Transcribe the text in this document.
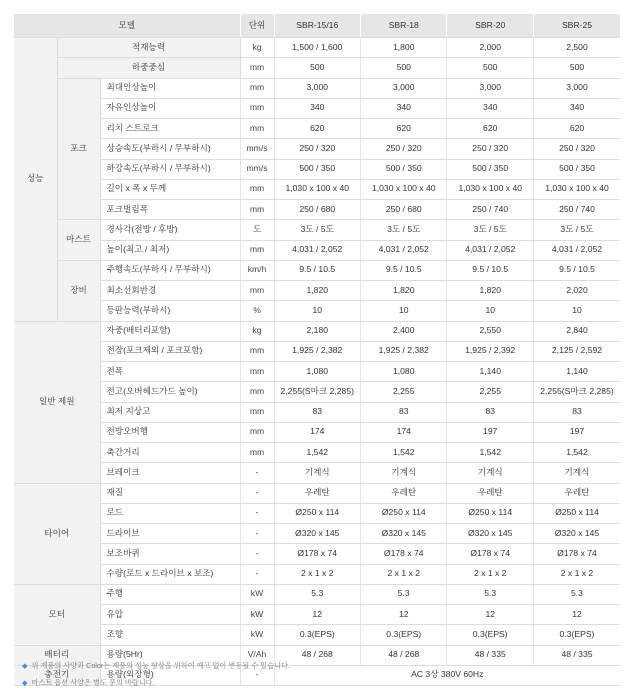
모델			단위	SBR-15/16	SBR-18	SBR-20	SBR-25
성능	적재능력		kg	1,500 / 1,600	1,800	2,000	2,500
	하중중심		mm	500	500	500	500
	포크	최대인상높이	mm	3,000	3,000	3,000	3,000
		자유인상높이	mm	340	340	340	340
		리치 스트로크	mm	620	620	620	620
		상승속도(부하시 / 무부하시)	mm/s	250 / 320	250 / 320	250 / 320	250 / 320
		하강속도(부하시 / 무부하시)	mm/s	500 / 350	500 / 350	500 / 350	500 / 350
		길이 x 폭 x 두께	mm	1,030 x 100 x 40	1,030 x 100 x 40	1,030 x 100 x 40	1,030 x 100 x 40
		포크벌림폭	mm	250 / 680	250 / 680	250 / 740	250 / 740
	마스트	경사각(전방 / 후방)	도	3도 / 5도	3도 / 5도	3도 / 5도	3도 / 5도
		높이(최고 / 최저)	mm	4,031 / 2,052	4,031 / 2,052	4,031 / 2,052	4,031 / 2,052
	장비	주행속도(부하시 / 무부하시)	km/h	9.5 / 10.5	9.5 / 10.5	9.5 / 10.5	9.5 / 10.5
		최소선회반경	mm	1,820	1,820	1,820	2,020
		등판능력(부하시)	%	10	10	10	10
일반 제원		자중(배터리포함)	kg	2,180	2,400	2,550	2,840
		전장(포크제외 / 포크포함)	mm	1,925 / 2,382	1,925 / 2,382	1,925 / 2,392	2,125 / 2,592
		전폭	mm	1,080	1,080	1,140	1,140
		전고(오버헤드가드 높이)	mm	2,255(S마크 2,285)	2,255	2,255	2,255(S마크 2,285)
		최저 지상고	mm	83	83	83	83
		전방오버행	mm	174	174	197	197
		축간거리	mm	1,542	1,542	1,542	1,542
		브레이크	-	기계식	기계식	기계식	기계식
타이어		재질	-	우레탄	우레탄	우레탄	우레탄
		로드	-	Ø250 x 114	Ø250 x 114	Ø250 x 114	Ø250 x 114
		드라이브	-	Ø320 x 145	Ø320 x 145	Ø320 x 145	Ø320 x 145
		보조바퀴	-	Ø178 x 74	Ø178 x 74	Ø178 x 74	Ø178 x 74
		수량(로드 x 드라이브 x 보조)	-	2 x 1 x 2	2 x 1 x 2	2 x 1 x 2	2 x 1 x 2
모터		주행	kW	5.3	5.3	5.3	5.3
		유압	kW	12	12	12	12
		조향	kW	0.3(EPS)	0.3(EPS)	0.3(EPS)	0.3(EPS)
배터리		용량(5Hr)	V/Ah	48 / 268	48 / 268	48 / 335	48 / 335
충전기		용량(외장형)	-	AC 3상 380V 60Hz			
◆ 위 제품의 사양과 Color는 제품의 성능 향상을 위하여 예고 없이 변동될 수 있습니다.
◆ 마스트 옵션 사양은 별도 문의 바랍니다.
